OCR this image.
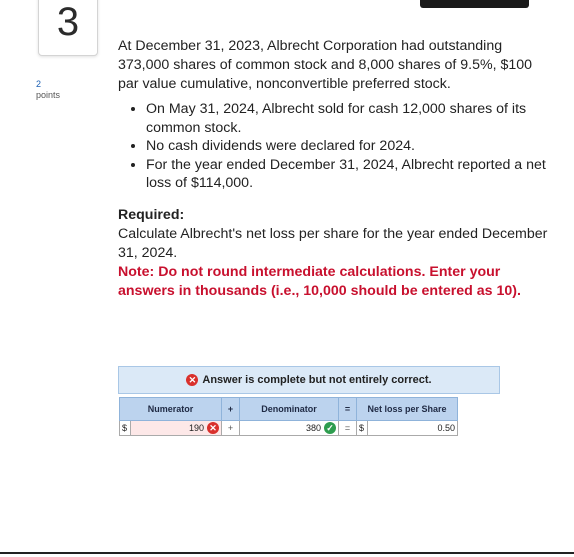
3
2
points

At December 31, 2023, Albrecht Corporation had outstanding 373,000 shares of common stock and 8,000 shares of 9.5%, $100 par value cumulative, nonconvertible preferred stock.

• On May 31, 2024, Albrecht sold for cash 12,000 shares of its common stock.
• No cash dividends were declared for 2024.
• For the year ended December 31, 2024, Albrecht reported a net loss of $114,000.
Required:
Calculate Albrecht's net loss per share for the year ended December 31, 2024.
Note: Do not round intermediate calculations. Enter your answers in thousands (i.e., 10,000 should be entered as 10).
✕ Answer is complete but not entirely correct.
Numerator		+	Denominator	=	Net loss per Share	
$	190 ✕	+	380 ✓	=	$	0.50
